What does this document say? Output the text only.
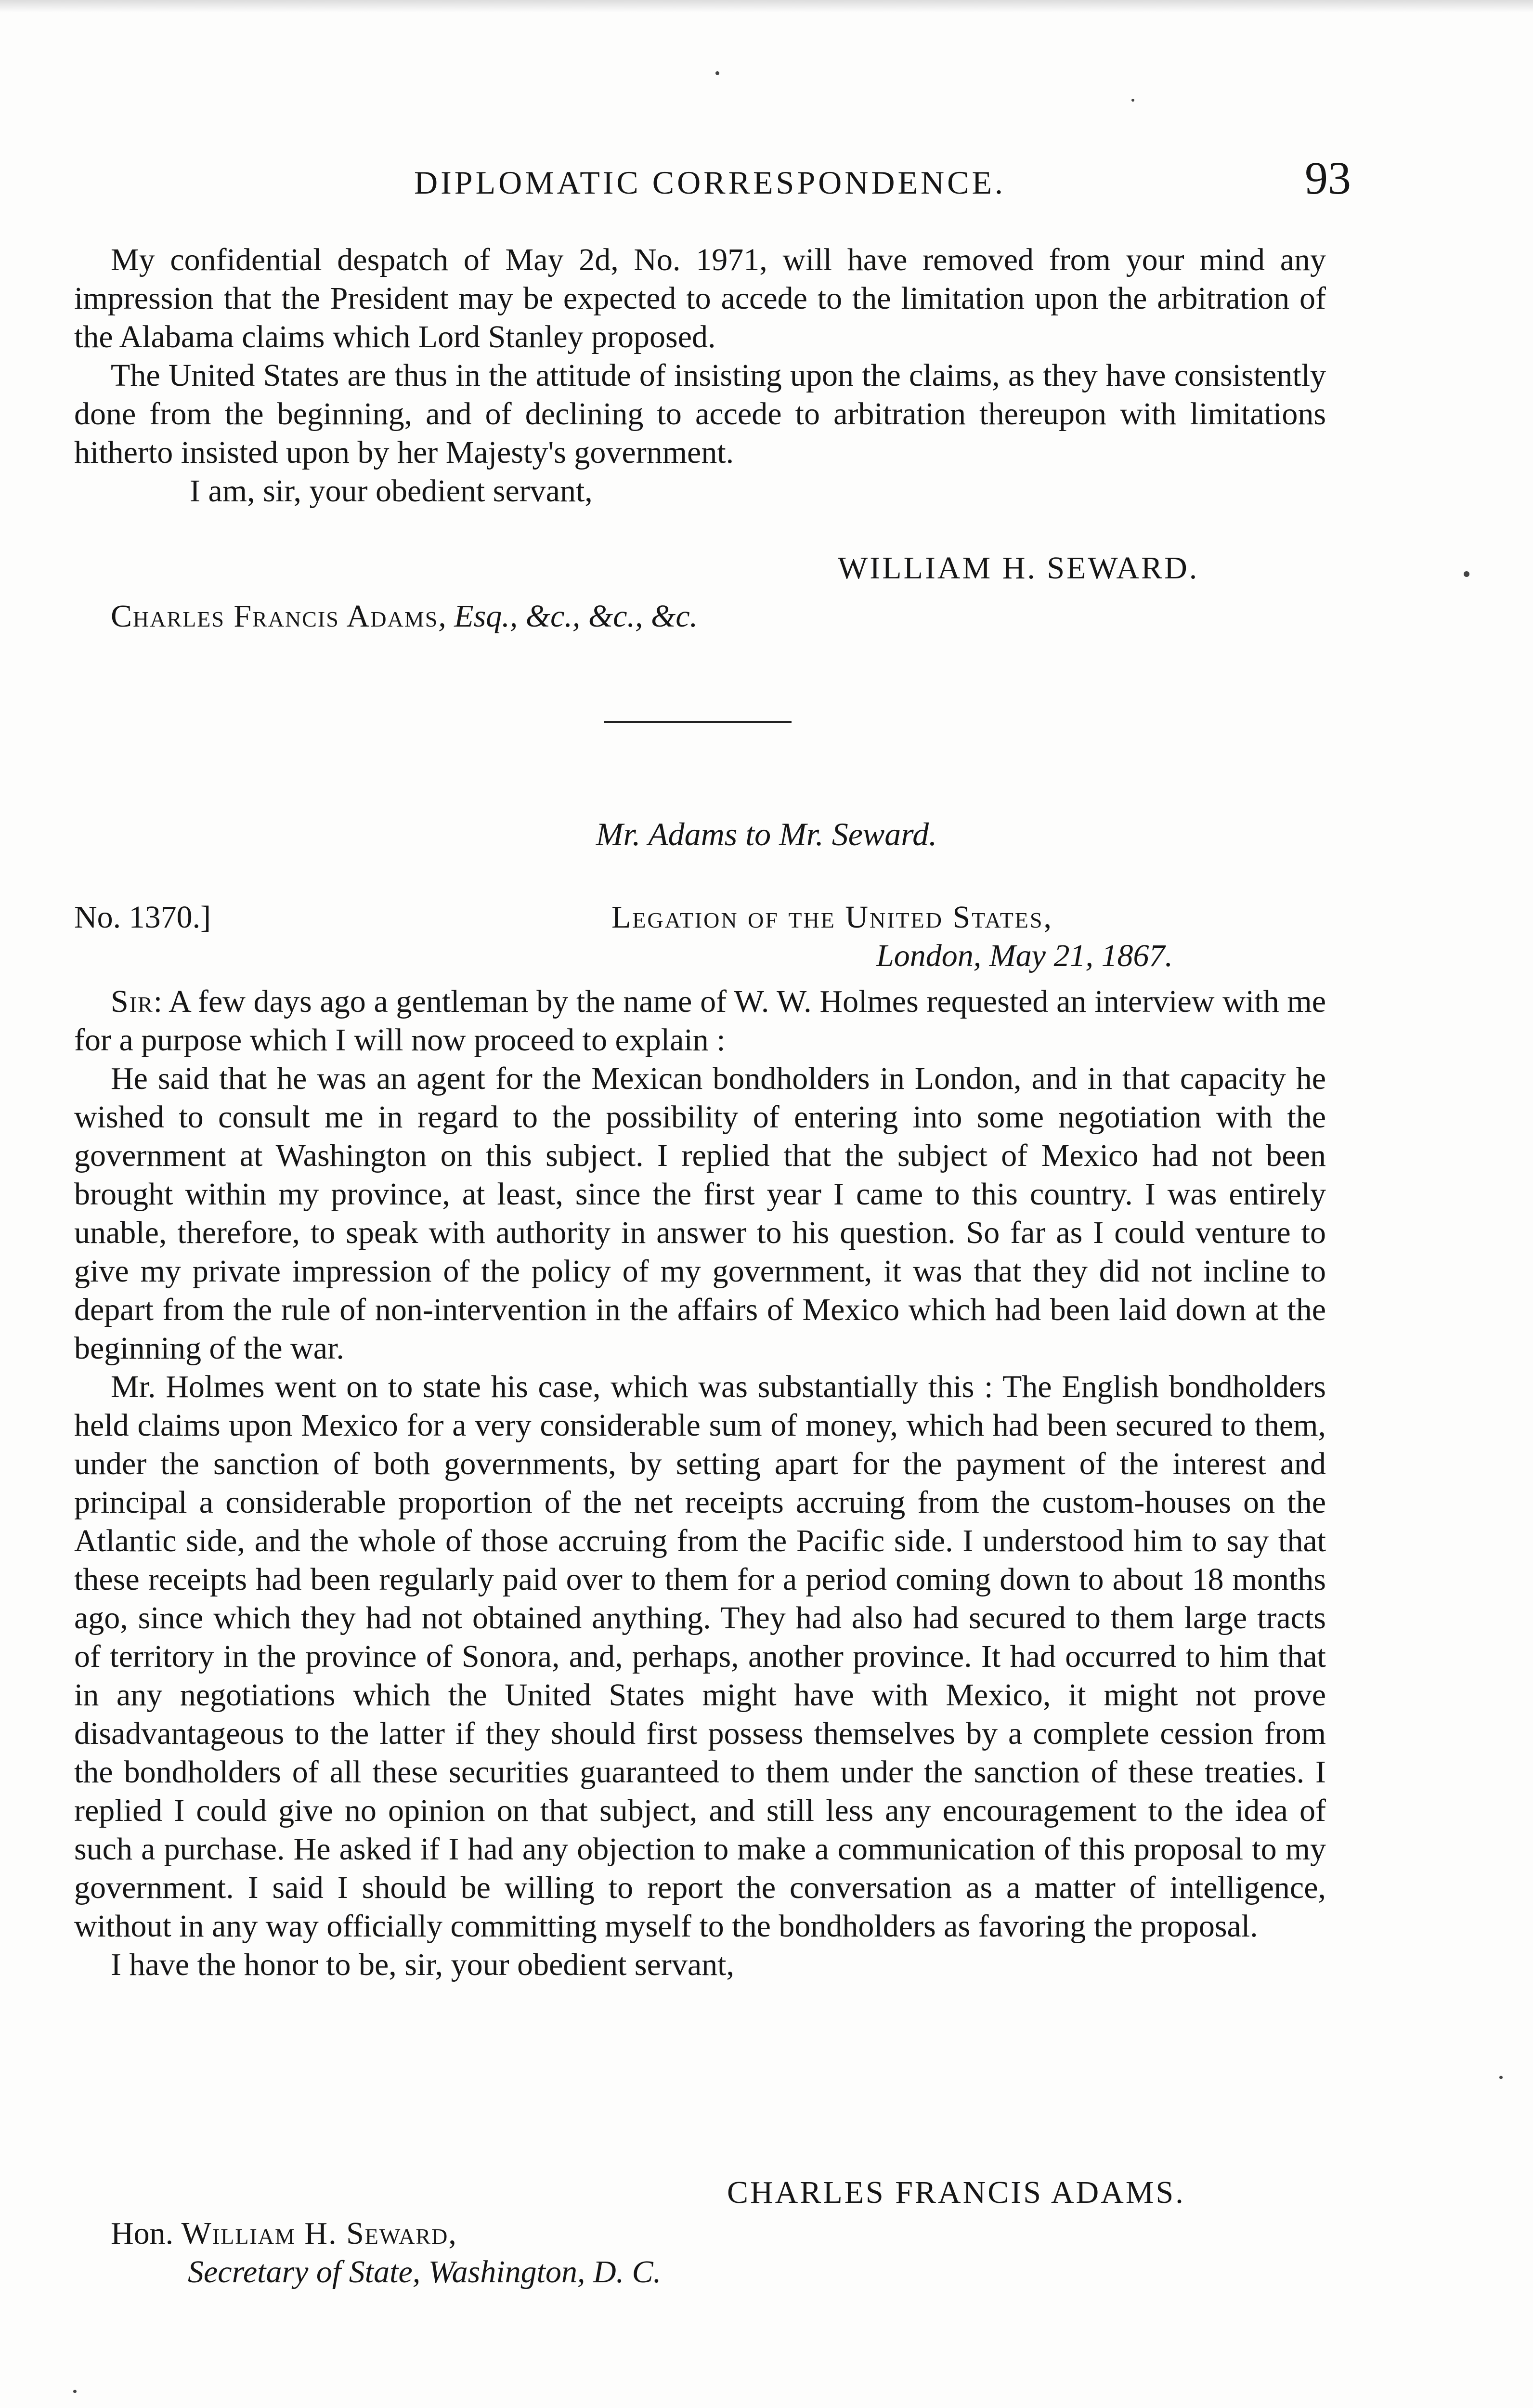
DIPLOMATIC CORRESPONDENCE.	93

My confidential despatch of May 2d, No. 1971, will have removed from your mind any impression that the President may be expected to accede to the limitation upon the arbitration of the Alabama claims which Lord Stanley proposed.

The United States are thus in the attitude of insisting upon the claims, as they have consistently done from the beginning, and of declining to accede to arbitration thereupon with limitations hitherto insisted upon by her Majesty's government.

I am, sir, your obedient servant,

WILLIAM H. SEWARD.
Charles Francis Adams, Esq., &c., &c., &c.
Mr. Adams to Mr. Seward.
No. 1370.]	Legation of the United States,
London, May 21, 1867.

Sir: A few days ago a gentleman by the name of W. W. Holmes requested an interview with me for a purpose which I will now proceed to explain :

He said that he was an agent for the Mexican bondholders in London, and in that capacity he wished to consult me in regard to the possibility of entering into some negotiation with the government at Washington on this subject. I replied that the subject of Mexico had not been brought within my province, at least, since the first year I came to this country. I was entirely unable, therefore, to speak with authority in answer to his question. So far as I could venture to give my private impression of the policy of my government, it was that they did not incline to depart from the rule of non-intervention in the affairs of Mexico which had been laid down at the beginning of the war.

Mr. Holmes went on to state his case, which was substantially this : The English bondholders held claims upon Mexico for a very considerable sum of money, which had been secured to them, under the sanction of both governments, by setting apart for the payment of the interest and principal a considerable proportion of the net receipts accruing from the custom-houses on the Atlantic side, and the whole of those accruing from the Pacific side. I understood him to say that these receipts had been regularly paid over to them for a period coming down to about 18 months ago, since which they had not obtained anything. They had also had secured to them large tracts of territory in the province of Sonora, and, perhaps, another province. It had occurred to him that in any negotiations which the United States might have with Mexico, it might not prove disadvantageous to the latter if they should first possess themselves by a complete cession from the bondholders of all these securities guaranteed to them under the sanction of these treaties. I replied I could give no opinion on that subject, and still less any encouragement to the idea of such a purchase. He asked if I had any objection to make a communication of this proposal to my government. I said I should be willing to report the conversation as a matter of intelligence, without in any way officially committing myself to the bondholders as favoring the proposal.

I have the honor to be, sir, your obedient servant,

CHARLES FRANCIS ADAMS.
Hon. William H. Seward,
Secretary of State, Washington, D. C.
